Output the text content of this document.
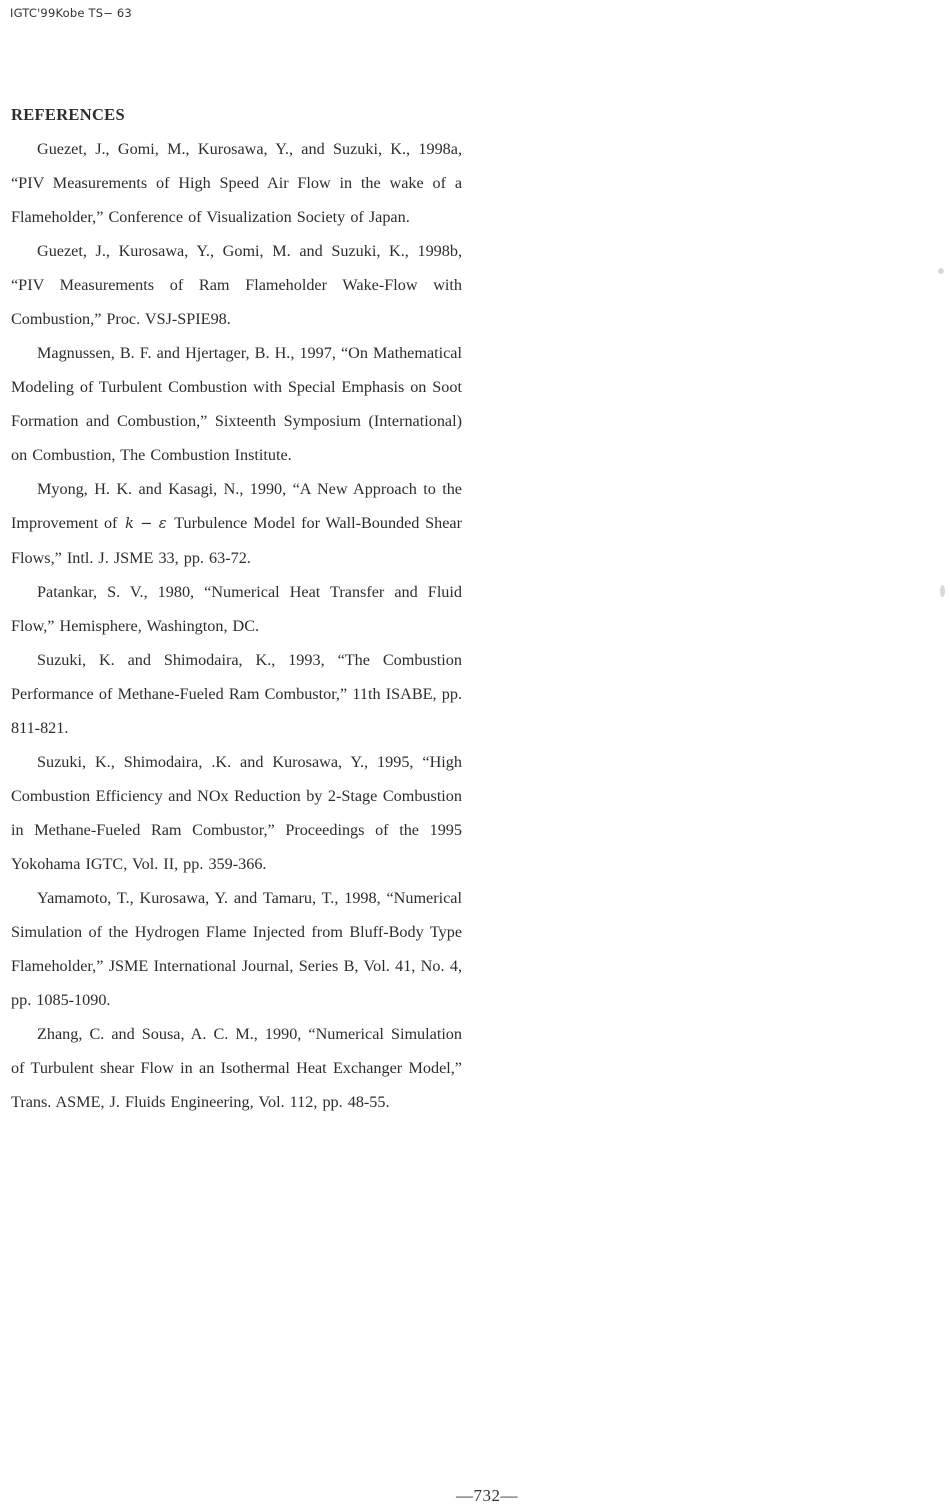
IGTC'99Kobe TS− 63
REFERENCES

Guezet, J., Gomi, M., Kurosawa, Y., and Suzuki, K., 1998a, “PIV Measurements of High Speed Air Flow in the wake of a Flameholder,” Conference of Visualization Society of Japan.

Guezet, J., Kurosawa, Y., Gomi, M. and Suzuki, K., 1998b, “PIV Measurements of Ram Flameholder Wake-Flow with Combustion,” Proc. VSJ-SPIE98.

Magnussen, B. F. and Hjertager, B. H., 1997, “On Mathematical Modeling of Turbulent Combustion with Special Emphasis on Soot Formation and Combustion,” Sixteenth Symposium (International) on Combustion, The Combustion Institute.

Myong, H. K. and Kasagi, N., 1990, “A New Approach to the Improvement of k − ε Turbulence Model for Wall-Bounded Shear Flows,” Intl. J. JSME 33, pp. 63-72.

Patankar, S. V., 1980, “Numerical Heat Transfer and Fluid Flow,” Hemisphere, Washington, DC.

Suzuki, K. and Shimodaira, K., 1993, “The Combustion Performance of Methane-Fueled Ram Combustor,” 11th ISABE, pp. 811-821.

Suzuki, K., Shimodaira, .K. and Kurosawa, Y., 1995, “High Combustion Efficiency and NOx Reduction by 2-Stage Combustion in Methane-Fueled Ram Combustor,” Proceedings of the 1995 Yokohama IGTC, Vol. II, pp. 359-366.

Yamamoto, T., Kurosawa, Y. and Tamaru, T., 1998, “Numerical Simulation of the Hydrogen Flame Injected from Bluff-Body Type Flameholder,” JSME International Journal, Series B, Vol. 41, No. 4, pp. 1085-1090.

Zhang, C. and Sousa, A. C. M., 1990, “Numerical Simulation of Turbulent shear Flow in an Isothermal Heat Exchanger Model,” Trans. ASME, J. Fluids Engineering, Vol. 112, pp. 48-55.

—732—
